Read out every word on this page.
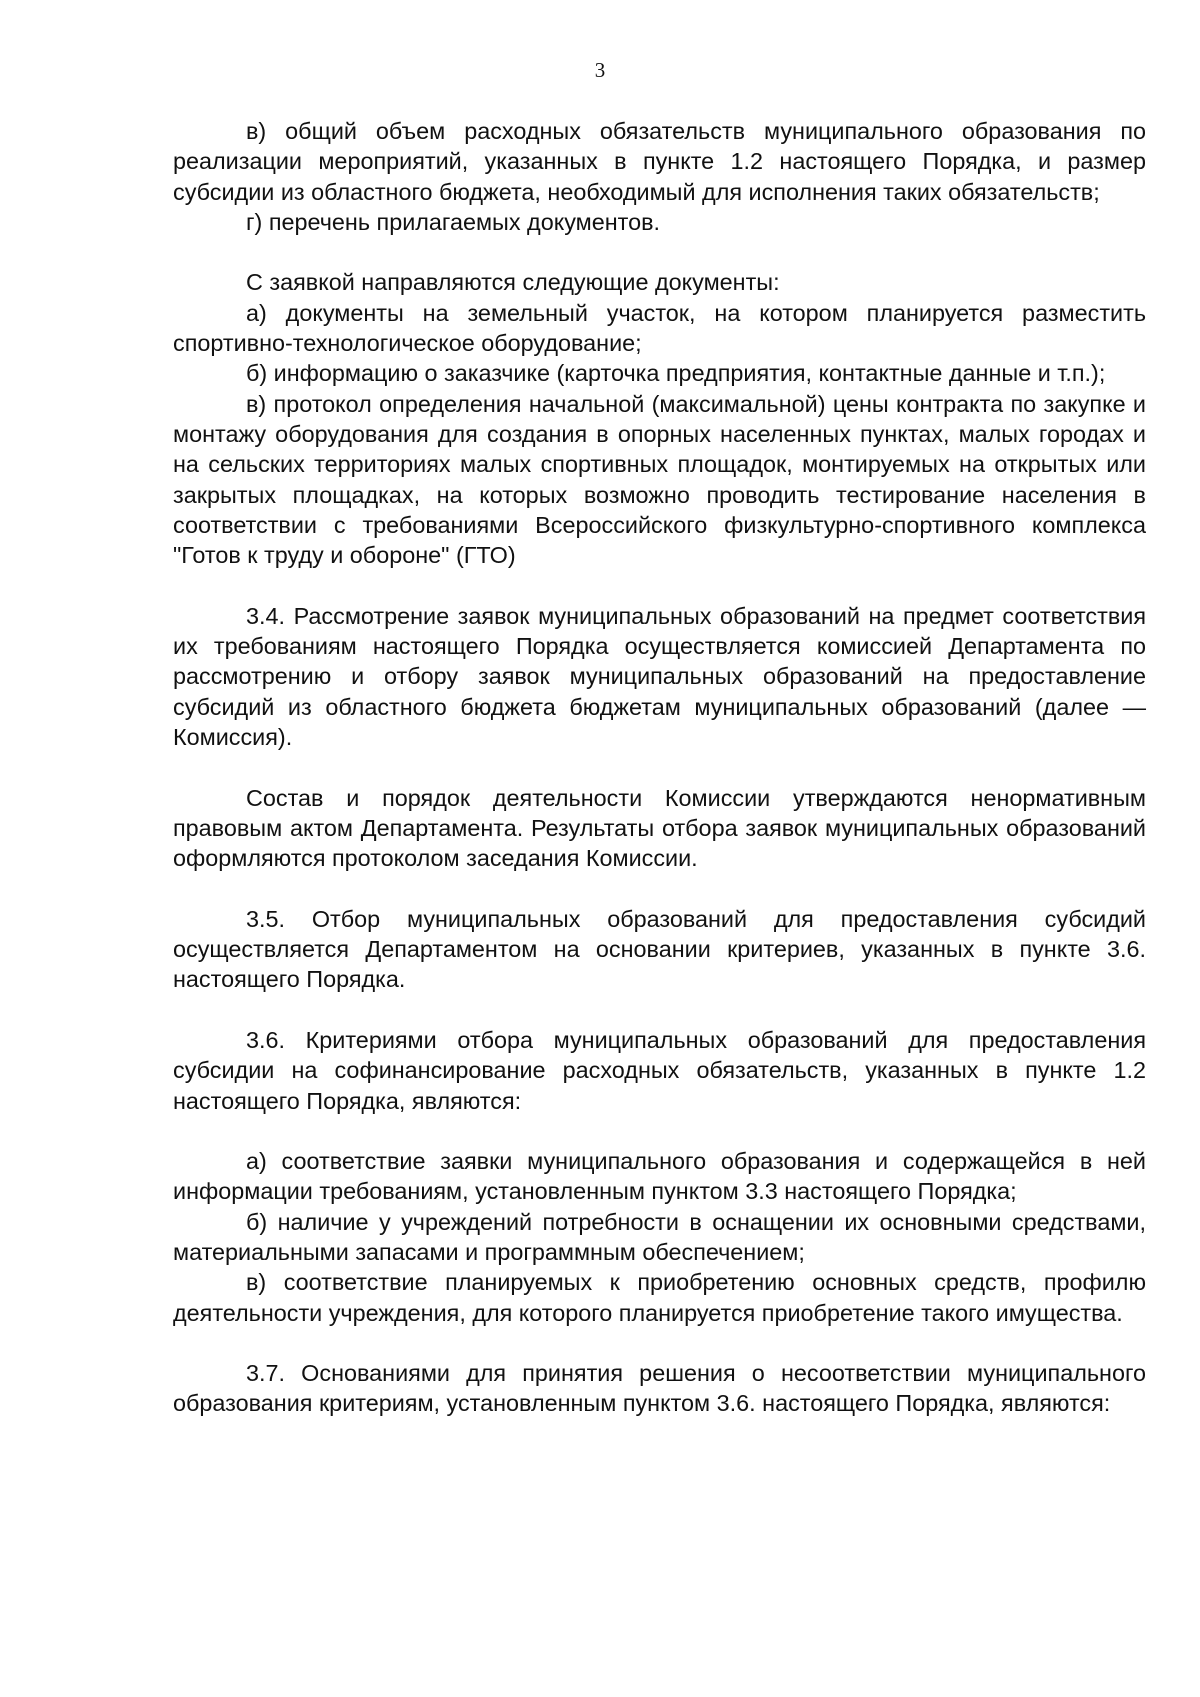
3

в) общий объем расходных обязательств муниципального образования по реализации мероприятий, указанных в пункте 1.2 настоящего Порядка, и размер субсидии из областного бюджета, необходимый для исполнения таких обязательств;

г) перечень прилагаемых документов.

С заявкой направляются следующие документы:

а) документы на земельный участок, на котором планируется разместить спортивно-технологическое оборудование;

б) информацию о заказчике (карточка предприятия, контактные данные и т.п.);

в) протокол определения начальной (максимальной) цены контракта по закупке и монтажу оборудования для создания в опорных населенных пунктах, малых городах и на сельских территориях малых спортивных площадок, монтируемых на открытых или закрытых площадках, на которых возможно проводить тестирование населения в соответствии с требованиями Всероссийского физкультурно-спортивного комплекса "Готов к труду и обороне" (ГТО)

3.4. Рассмотрение заявок муниципальных образований на предмет соответствия их требованиям настоящего Порядка осуществляется комиссией Департамента по рассмотрению и отбору заявок муниципальных образований на предоставление субсидий из областного бюджета бюджетам муниципальных образований (далее — Комиссия).

Состав и порядок деятельности Комиссии утверждаются ненормативным правовым актом Департамента. Результаты отбора заявок муниципальных образований оформляются протоколом заседания Комиссии.

3.5. Отбор муниципальных образований для предоставления субсидий осуществляется Департаментом на основании критериев, указанных в пункте 3.6. настоящего Порядка.

3.6. Критериями отбора муниципальных образований для предоставления субсидии на софинансирование расходных обязательств, указанных в пункте 1.2 настоящего Порядка, являются:

а) соответствие заявки муниципального образования и содержащейся в ней информации требованиям, установленным пунктом 3.3 настоящего Порядка;

б) наличие у учреждений потребности в оснащении их основными средствами, материальными запасами и программным обеспечением;

в) соответствие планируемых к приобретению основных средств, профилю деятельности учреждения, для которого планируется приобретение такого имущества.

3.7. Основаниями для принятия решения о несоответствии муниципального образования критериям, установленным пунктом 3.6. настоящего Порядка, являются:
